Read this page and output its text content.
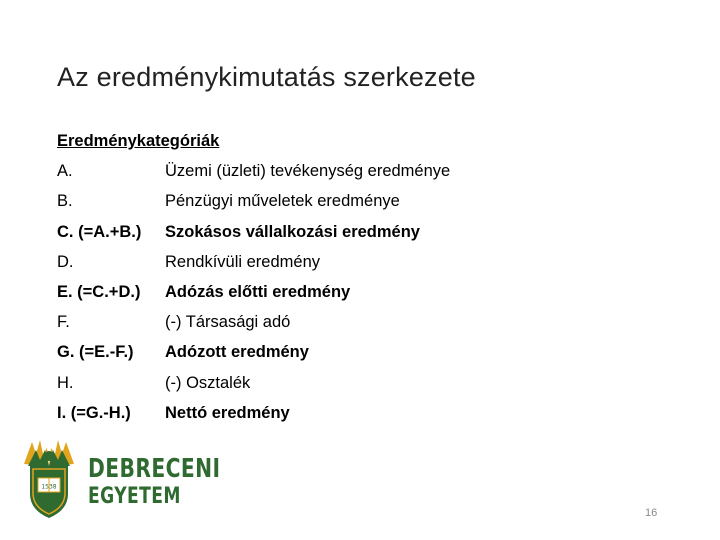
Az eredménykimutatás szerkezete
Eredménykategóriák
A.	Üzemi (üzleti) tevékenység eredménye
B.	Pénzügyi műveletek eredménye
C. (=A.+B.)	Szokásos vállalkozási eredmény
D.	Rendkívüli eredmény
E. (=C.+D.)	Adózás előtti eredmény
F.	(-) Társasági adó
G. (=E.-F.)	Adózott eredmény
H.	(-) Osztalék
I. (=G.-H.)	Nettó eredmény
1538
DEBRECENI
EGYETEM
16
